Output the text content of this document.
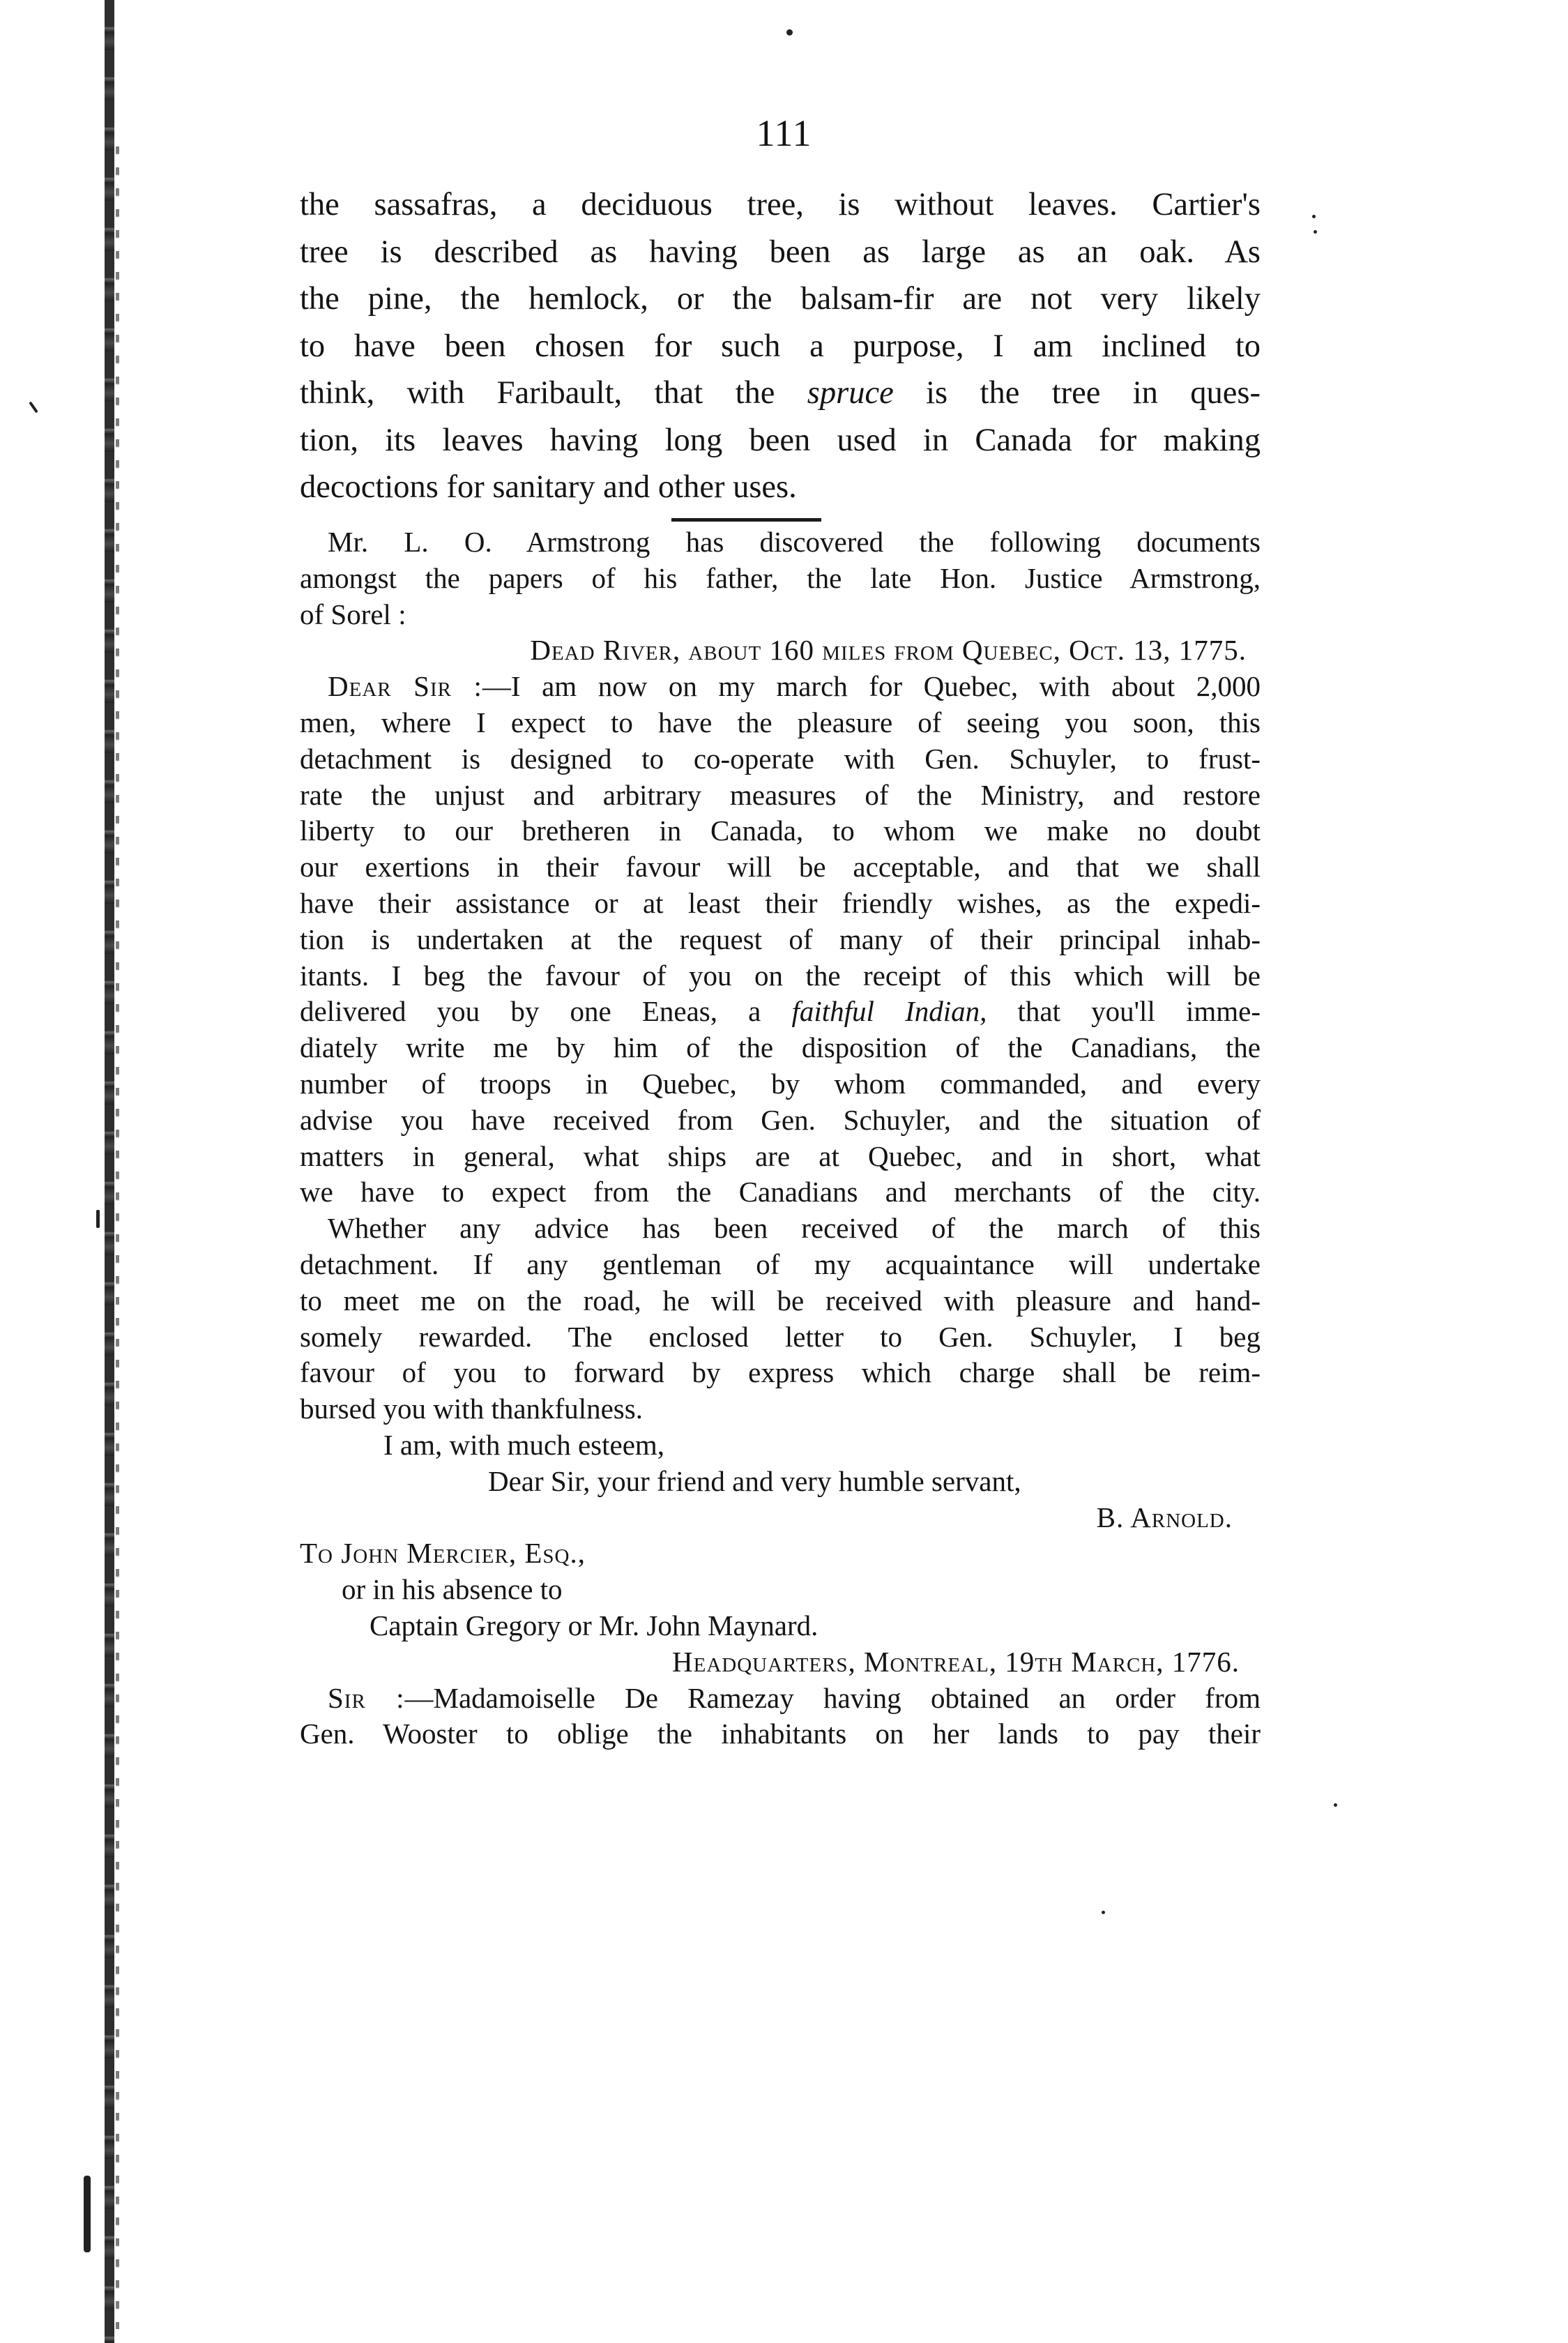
111
the sassafras, a deciduous tree, is without leaves. Cartier's
tree is described as having been as large as an oak. As
the pine, the hemlock, or the balsam-fir are not very likely
to have been chosen for such a purpose, I am inclined to
think, with Faribault, that the spruce is the tree in ques-
tion, its leaves having long been used in Canada for making
decoctions for sanitary and other uses.
Mr. L. O. Armstrong has discovered the following documents
amongst the papers of his father, the late Hon. Justice Armstrong,
of Sorel :
Dead River, about 160 miles from Quebec, Oct. 13, 1775.
Dear Sir :—I am now on my march for Quebec, with about 2,000
men, where I expect to have the pleasure of seeing you soon, this
detachment is designed to co-operate with Gen. Schuyler, to frust-
rate the unjust and arbitrary measures of the Ministry, and restore
liberty to our bretheren in Canada, to whom we make no doubt
our exertions in their favour will be acceptable, and that we shall
have their assistance or at least their friendly wishes, as the expedi-
tion is undertaken at the request of many of their principal inhab-
itants. I beg the favour of you on the receipt of this which will be
delivered you by one Eneas, a faithful Indian, that you'll imme-
diately write me by him of the disposition of the Canadians, the
number of troops in Quebec, by whom commanded, and every
advise you have received from Gen. Schuyler, and the situation of
matters in general, what ships are at Quebec, and in short, what
we have to expect from the Canadians and merchants of the city.
Whether any advice has been received of the march of this
detachment. If any gentleman of my acquaintance will undertake
to meet me on the road, he will be received with pleasure and hand-
somely rewarded. The enclosed letter to Gen. Schuyler, I beg
favour of you to forward by express which charge shall be reim-
bursed you with thankfulness.
I am, with much esteem,
Dear Sir, your friend and very humble servant,
B. Arnold.
To John Mercier, Esq.,
or in his absence to
Captain Gregory or Mr. John Maynard.
Headquarters, Montreal, 19th March, 1776.
Sir :—Madamoiselle De Ramezay having obtained an order from
Gen. Wooster to oblige the inhabitants on her lands to pay their
